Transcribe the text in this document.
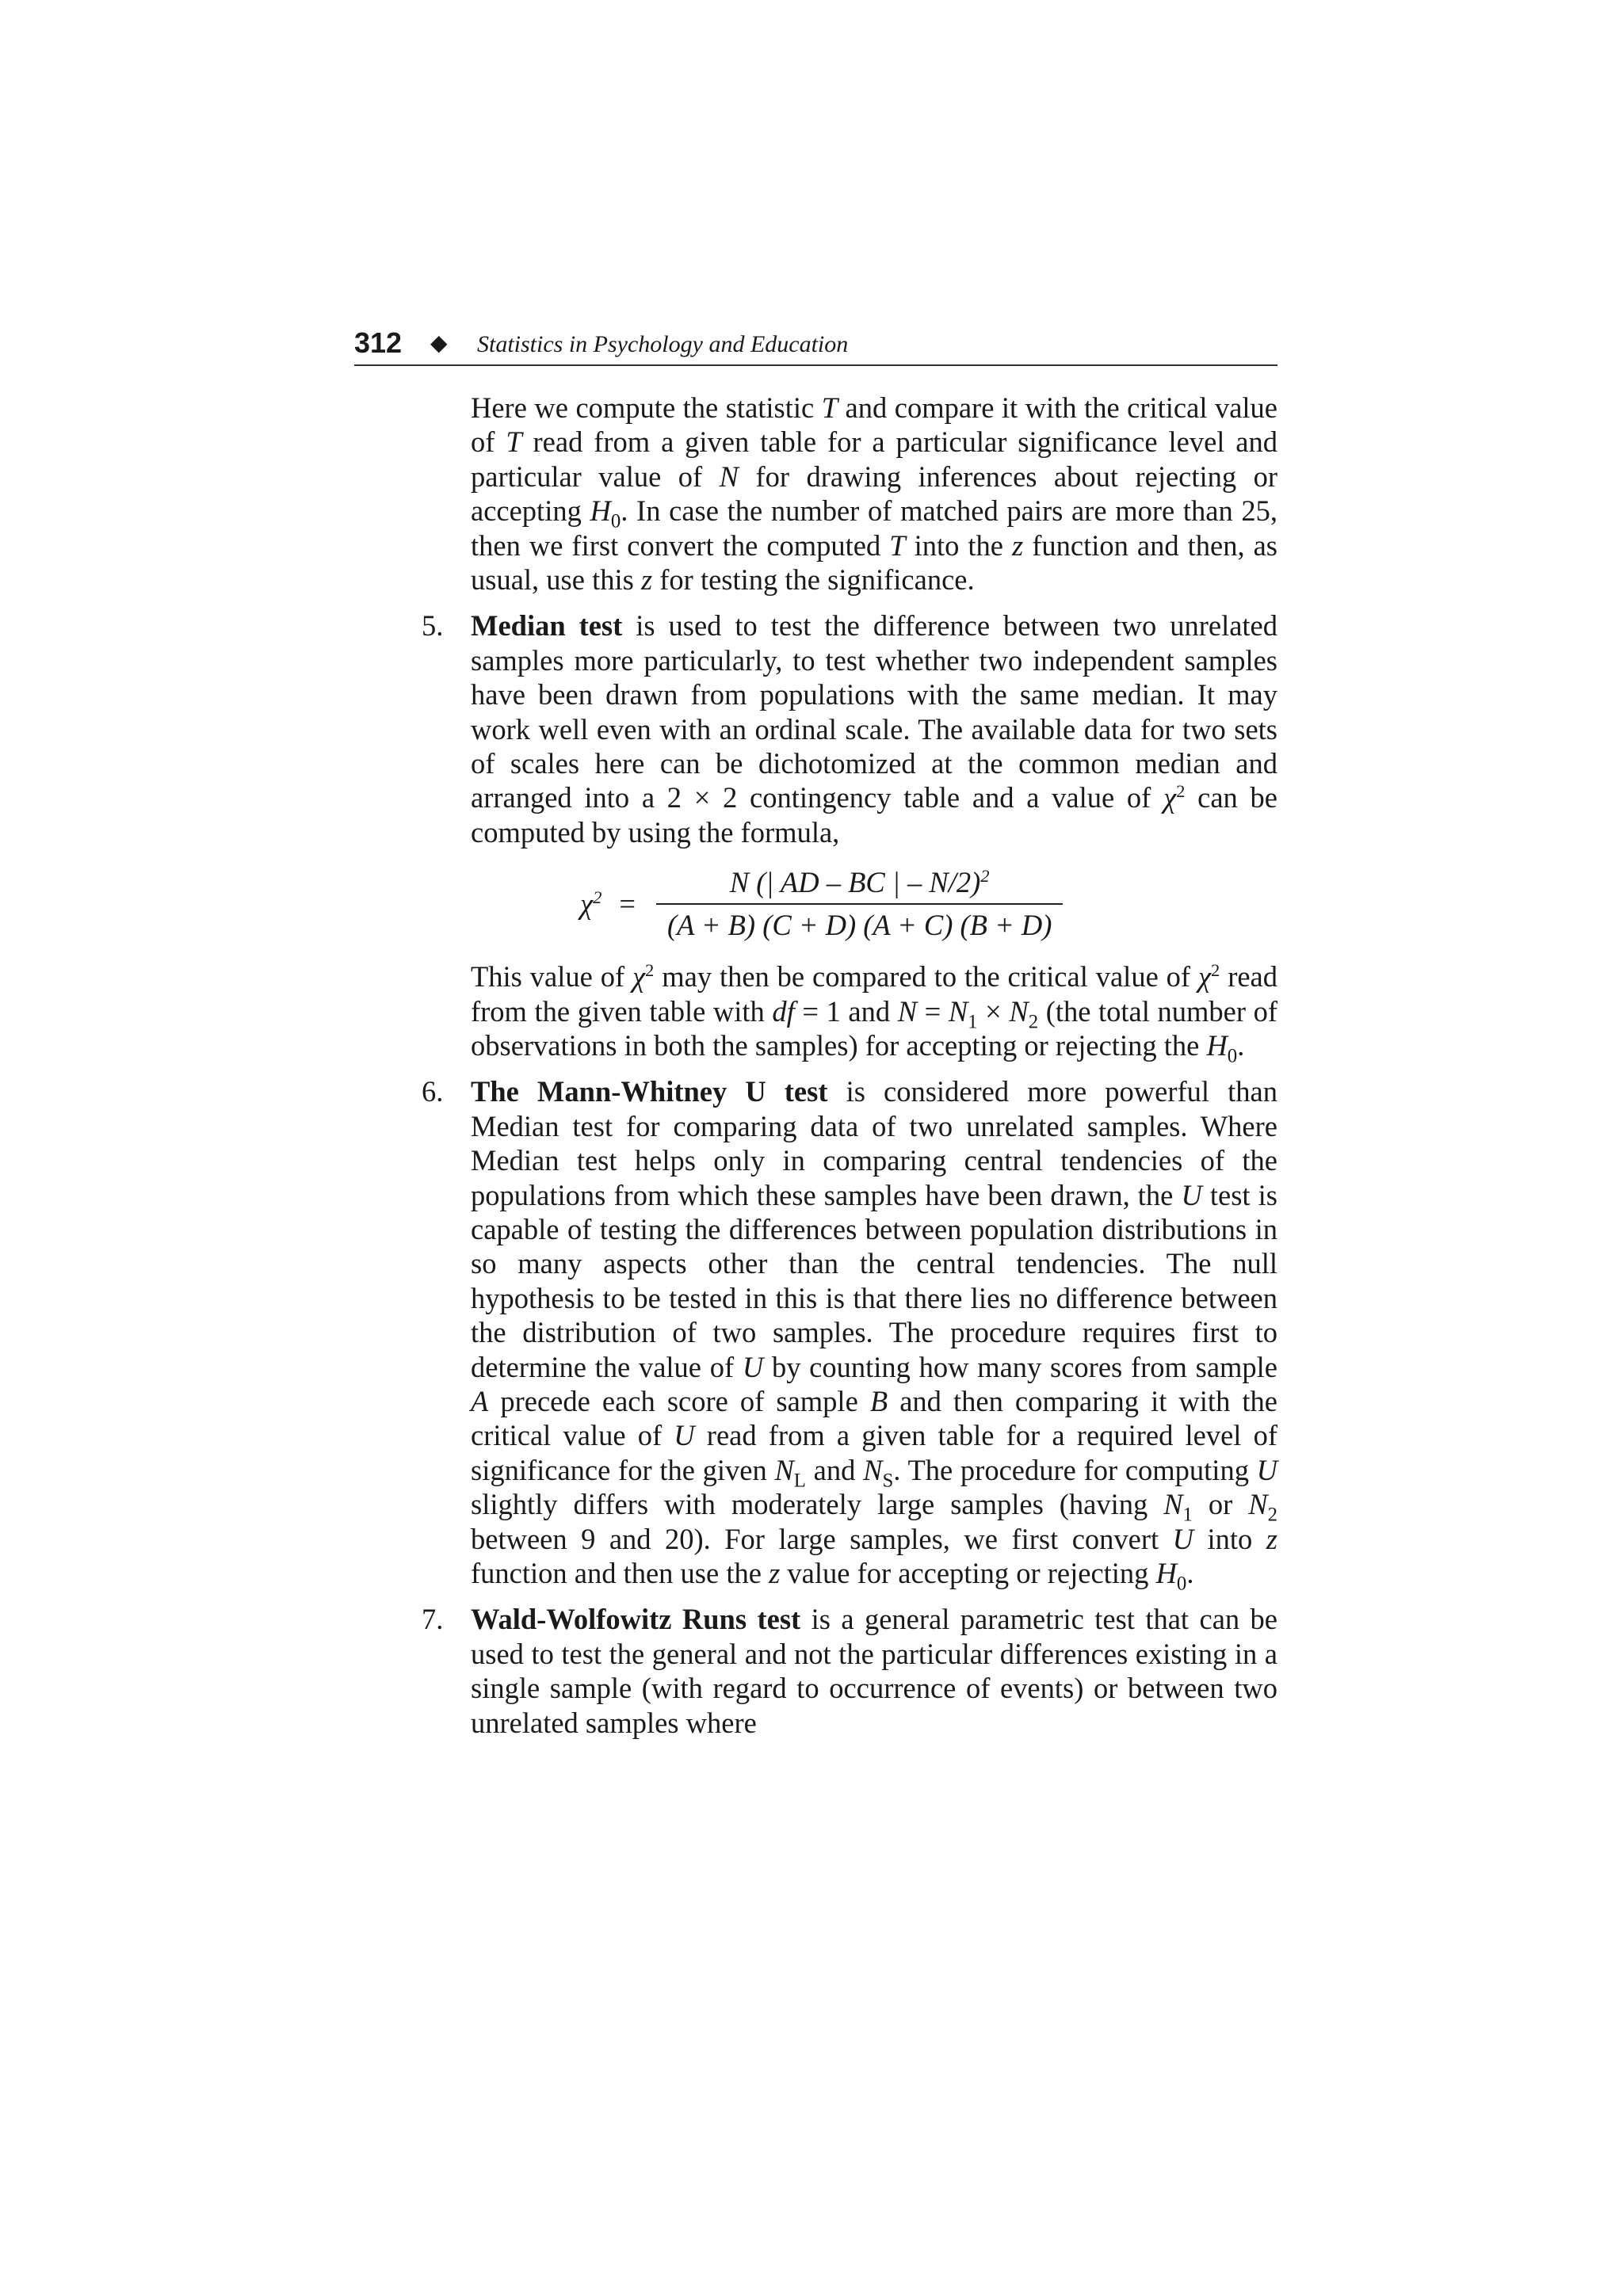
312 ◆ Statistics in Psychology and Education

Here we compute the statistic T and compare it with the critical value of T read from a given table for a particular significance level and particular value of N for drawing inferences about rejecting or accepting $H_0$. In case the number of matched pairs are more than 25, then we first convert the computed T into the z function and then, as usual, use this z for testing the significance.

5. Median test is used to test the difference between two unrelated samples more particularly, to test whether two independent samples have been drawn from populations with the same median. It may work well even with an ordinal scale. The available data for two sets of scales here can be dichotomized at the common median and arranged into a 2 × 2 contingency table and a value of $\chi^2$ can be computed by using the formula,

$\chi^2 = \frac{N (| AD - BC | - N/2)^2}{(A + B) (C + D) (A + C) (B + D)}$

This value of $\chi^2$ may then be compared to the critical value of $\chi^2$ read from the given table with df = 1 and $N = N_1 \times N_2$ (the total number of observations in both the samples) for accepting or rejecting the $H_0$.

6. The Mann-Whitney U test is considered more powerful than Median test for comparing data of two unrelated samples. Where Median test helps only in comparing central tendencies of the populations from which these samples have been drawn, the U test is capable of testing the differences between population distributions in so many aspects other than the central tendencies. The null hypothesis to be tested in this is that there lies no difference between the distribution of two samples. The procedure requires first to determine the value of U by counting how many scores from sample A precede each score of sample B and then comparing it with the critical value of U read from a given table for a required level of significance for the given $N_L$ and $N_S$. The procedure for computing U slightly differs with moderately large samples (having $N_1$ or $N_2$ between 9 and 20). For large samples, we first convert U into z function and then use the z value for accepting or rejecting $H_0$.

7. Wald-Wolfowitz Runs test is a general parametric test that can be used to test the general and not the particular differences existing in a single sample (with regard to occurrence of events) or between two unrelated samples where
